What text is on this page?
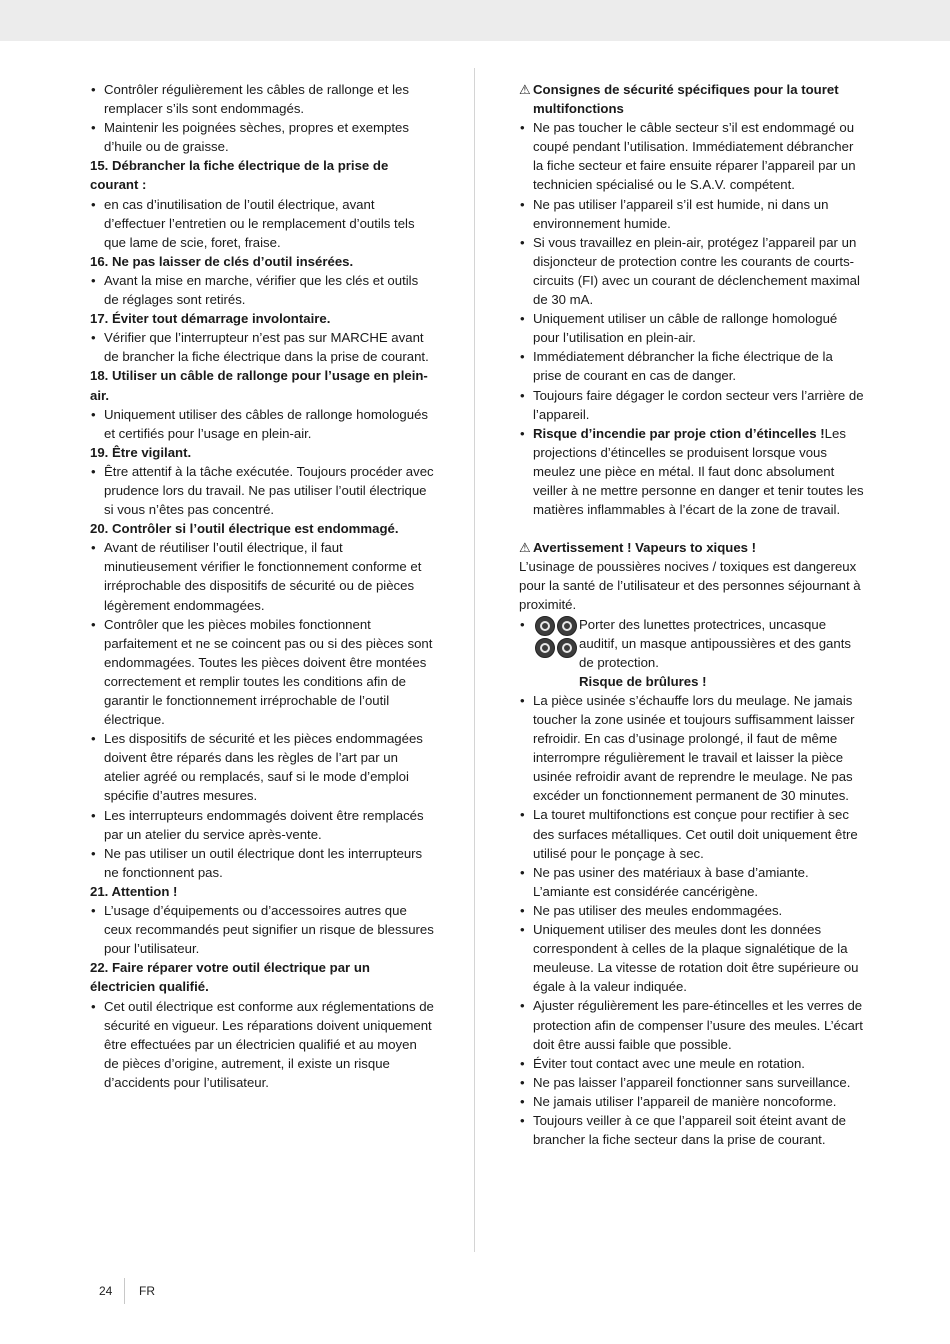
• Contrôler régulièrement les câbles de rallonge et les remplacer s’ils sont endommagés.
• Maintenir les poignées sèches, propres et exemptes d’huile ou de graisse.
15. Débrancher la fiche électrique de la prise de courant :
• en cas d’inutilisation de l’outil électrique, avant d’effectuer l’entretien ou le remplacement d’outils tels que lame de scie, foret, fraise.
16. Ne pas laisser de clés d’outil insérées.
• Avant la mise en marche, vérifier que les clés et outils de réglages sont retirés.
17. Éviter tout démarrage involontaire.
• Vérifier que l’interrupteur n’est pas sur MARCHE avant de brancher la fiche électrique dans la prise de courant.
18. Utiliser un câble de rallonge pour l’usage en plein-air.
• Uniquement utiliser des câbles de rallonge homologués et certifiés pour l’usage en plein-air.
19. Être vigilant.
• Être attentif à la tâche exécutée. Toujours procéder avec prudence lors du travail. Ne pas utiliser l’outil électrique si vous n’êtes pas concentré.
20. Contrôler si l’outil électrique est endommagé.
• Avant de réutiliser l’outil électrique, il faut minutieusement vérifier le fonctionnement conforme et irréprochable des dispositifs de sécurité ou de pièces légèrement endommagées.
• Contrôler que les pièces mobiles fonctionnent parfaitement et ne se coincent pas ou si des pièces sont endommagées. Toutes les pièces doivent être montées correctement et remplir toutes les conditions afin de garantir le fonctionnement irréprochable de l’outil électrique.
• Les dispositifs de sécurité et les pièces endommagées doivent être réparés dans les règles de l’art par un atelier agréé ou remplacés, sauf si le mode d’emploi spécifie d’autres mesures.
• Les interrupteurs endommagés doivent être remplacés par un atelier du service après-vente.
• Ne pas utiliser un outil électrique dont les interrupteurs ne fonctionnent pas.
21. Attention !
• L’usage d’équipements ou d’accessoires autres que ceux recommandés peut signifier un risque de blessures pour l’utilisateur.
22. Faire réparer votre outil électrique par un électricien qualifié.
• Cet outil électrique est conforme aux réglementations de sécurité en vigueur. Les réparations doivent uniquement être effectuées par un électricien qualifié et au moyen de pièces d’origine, autrement, il existe un risque d’accidents pour l’utilisateur.
⚠ Consignes de sécurité spécifiques pour la touret multifonctions
• Ne pas toucher le câble secteur s’il est endommagé ou coupé pendant l’utilisation. Immédiatement débrancher la fiche secteur et faire ensuite réparer l’appareil par un technicien spécialisé ou le S.A.V. compétent.
• Ne pas utiliser l’appareil s’il est humide, ni dans un environnement humide.
• Si vous travaillez en plein-air, protégez l’appareil par un disjoncteur de protection contre les courants de courts-circuits (FI) avec un courant de déclenchement maximal de 30 mA.
• Uniquement utiliser un câble de rallonge homologué pour l’utilisation en plein-air.
• Immédiatement débrancher la fiche électrique de la prise de courant en cas de danger.
• Toujours faire dégager le cordon secteur vers l’arrière de l’appareil.
• Risque d’incendie par proje ction d’étincelles !Les projections d’étincelles se produisent lorsque vous meulez une pièce en métal. Il faut donc absolument veiller à ne mettre personne en danger et tenir toutes les matières inflammables à l’écart de la zone de travail.
⚠ Avertissement ! Vapeurs to xiques !
L’usinage de poussières nocives / toxiques est dangereux pour la santé de l’utilisateur et des personnes séjournant à proximité.
• Porter des lunettes protectrices, uncasque auditif, un masque antipoussières et des gants de protection.
Risque de brûlures !
• La pièce usinée s’échauffe lors du meulage. Ne jamais toucher la zone usinée et toujours suffisamment laisser refroidir. En cas d’usinage prolongé, il faut de même interrompre régulièrement le travail et laisser la pièce usinée refroidir avant de reprendre le meulage. Ne pas excéder un fonctionnement permanent de 30 minutes.
• La touret multifonctions est conçue pour rectifier à sec des surfaces métalliques. Cet outil doit uniquement être utilisé pour le ponçage à sec.
• Ne pas usiner des matériaux à base d’amiante. L’amiante est considérée cancérigène.
• Ne pas utiliser des meules endommagées.
• Uniquement utiliser des meules dont les données correspondent à celles de la plaque signalétique de la meuleuse. La vitesse de rotation doit être supérieure ou égale à la valeur indiquée.
• Ajuster régulièrement les pare-étincelles et les verres de protection afin de compenser l’usure des meules. L’écart doit être aussi faible que possible.
• Éviter tout contact avec une meule en rotation.
• Ne pas laisser l’appareil fonctionner sans surveillance.
• Ne jamais utiliser l’appareil de manière noncoforme.
• Toujours veiller à ce que l’appareil soit éteint avant de brancher la fiche secteur dans la prise de courant.
24 FR
